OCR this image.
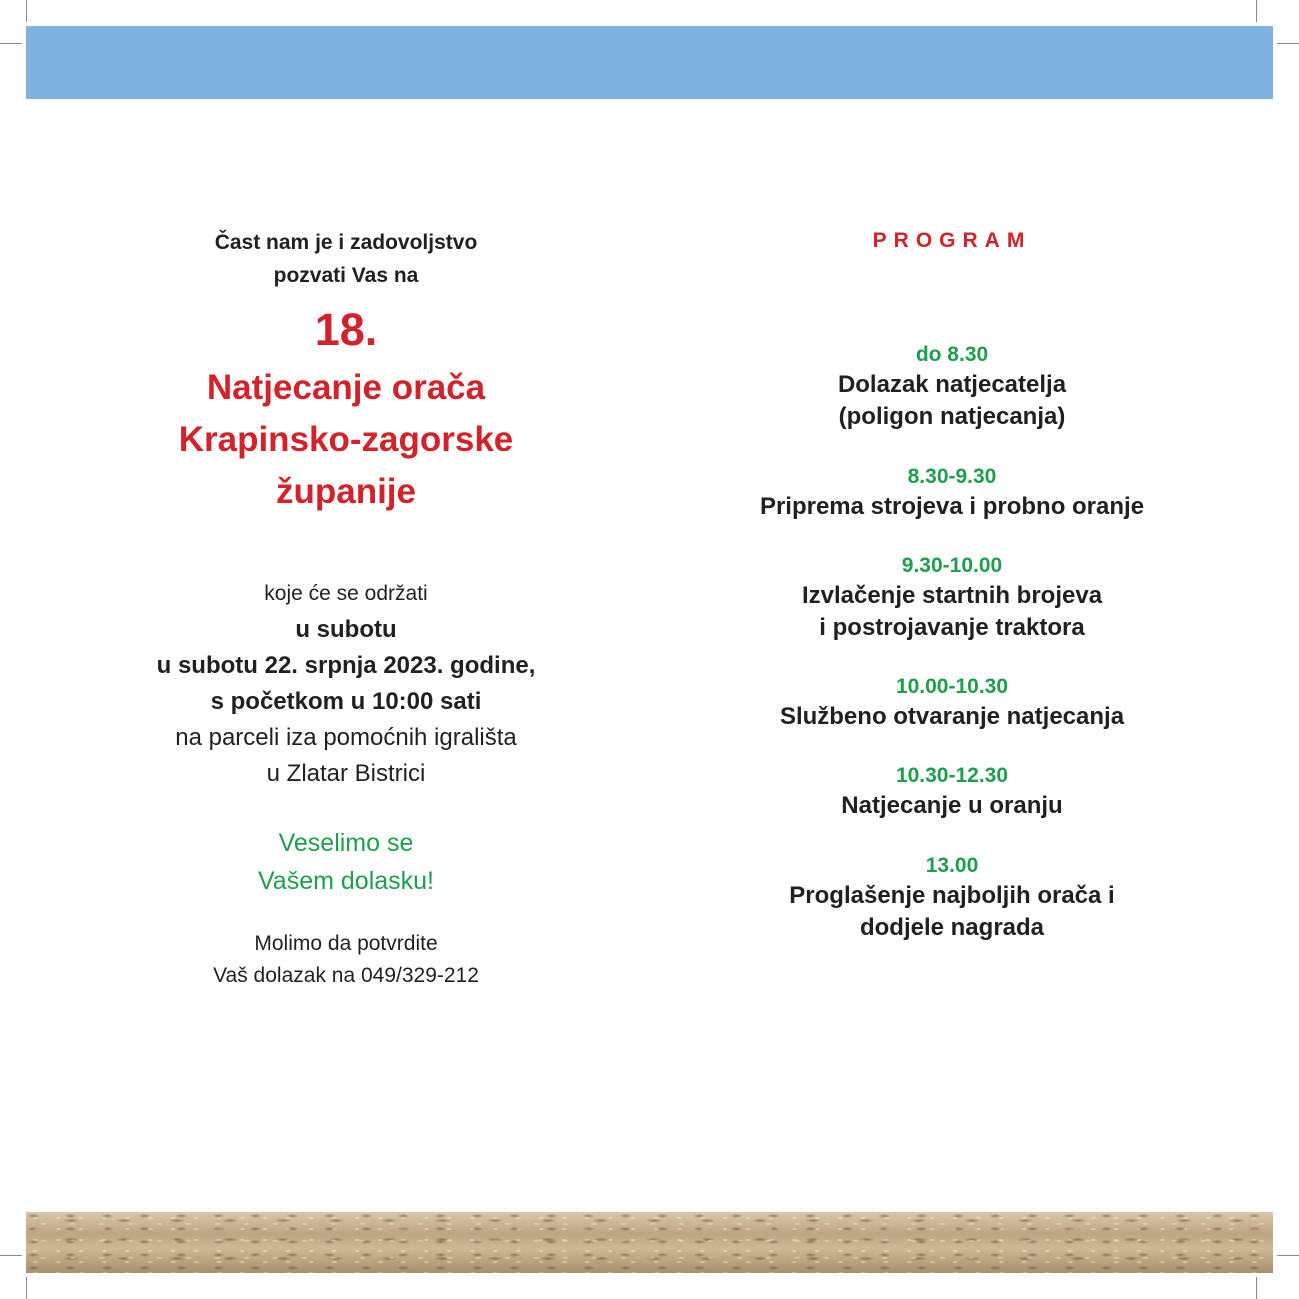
Čast nam je i zadovoljstvo
pozvati Vas na
18.
Natjecanje orača
Krapinsko-zagorske
županije
koje će se održati
u subotu
u subotu 22. srpnja 2023. godine,
s početkom u 10:00 sati
na parceli iza pomoćnih igrališta
u Zlatar Bistrici
Veselimo se
Vašem dolasku!
Molimo da potvrdite
Vaš dolazak na 049/329-212
PROGRAM
do 8.30
Dolazak natjecatelja
(poligon natjecanja)
8.30-9.30
Priprema strojeva i probno oranje
9.30-10.00
Izvlačenje startnih brojeva
i postrojavanje traktora
10.00-10.30
Službeno otvaranje natjecanja
10.30-12.30
Natjecanje u oranju
13.00
Proglašenje najboljih orača i
dodjele nagrada
